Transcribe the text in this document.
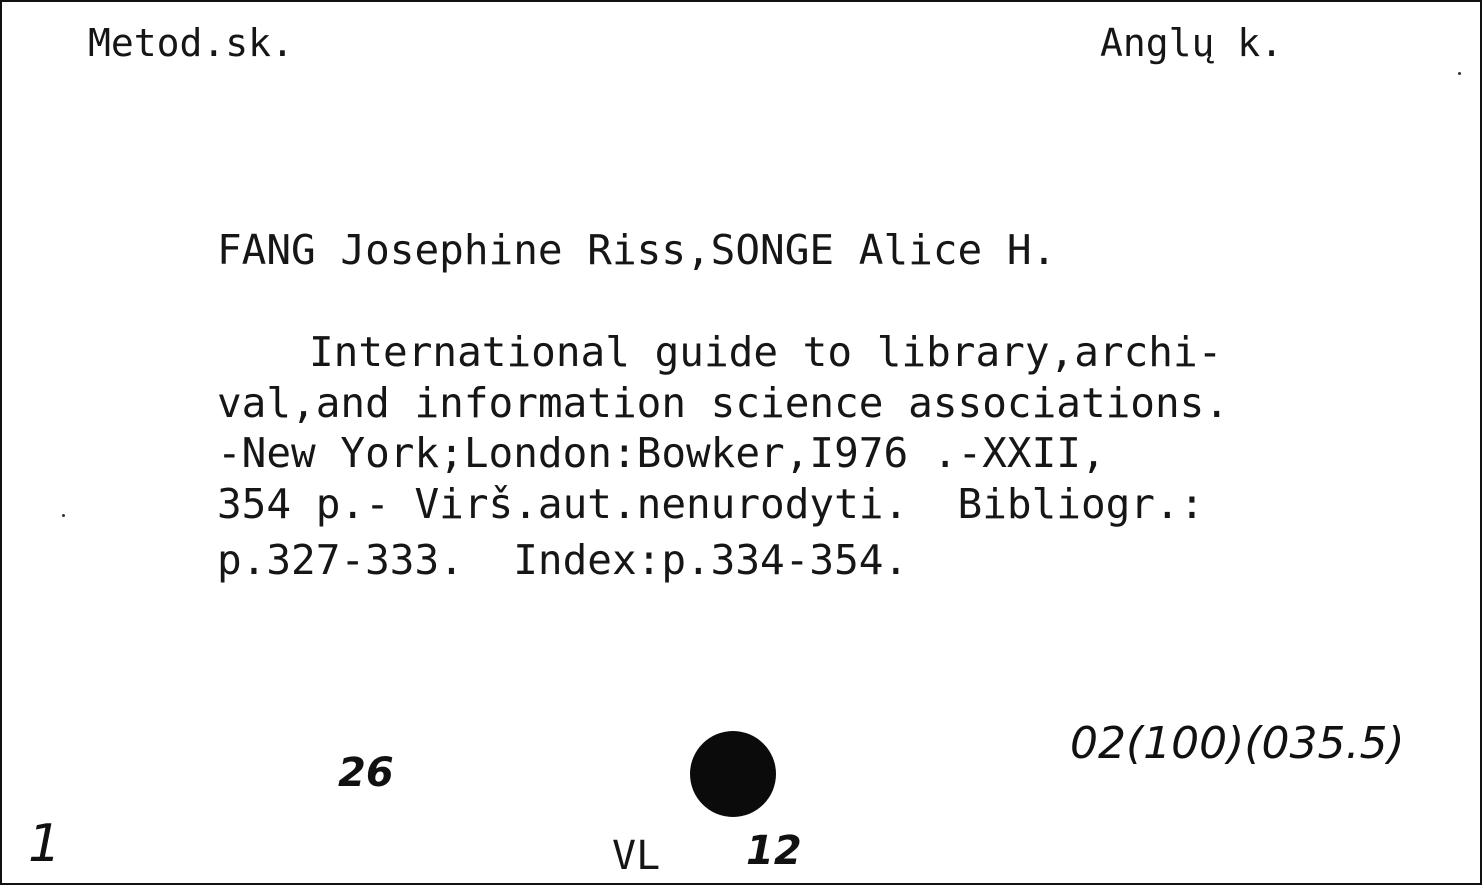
Metod.sk.	Anglų k.
FANG Josephine Riss,SONGE Alice H.
International guide to library,archi-
val,and information science associations.
-New York;London:Bowker,I976 .-XXII,
354 p.- Virš.aut.nenurodyti.  Bibliogr.:
p.327-333.  Index:p.334-354.
02(100)(035.5)
26
1	VL 12
